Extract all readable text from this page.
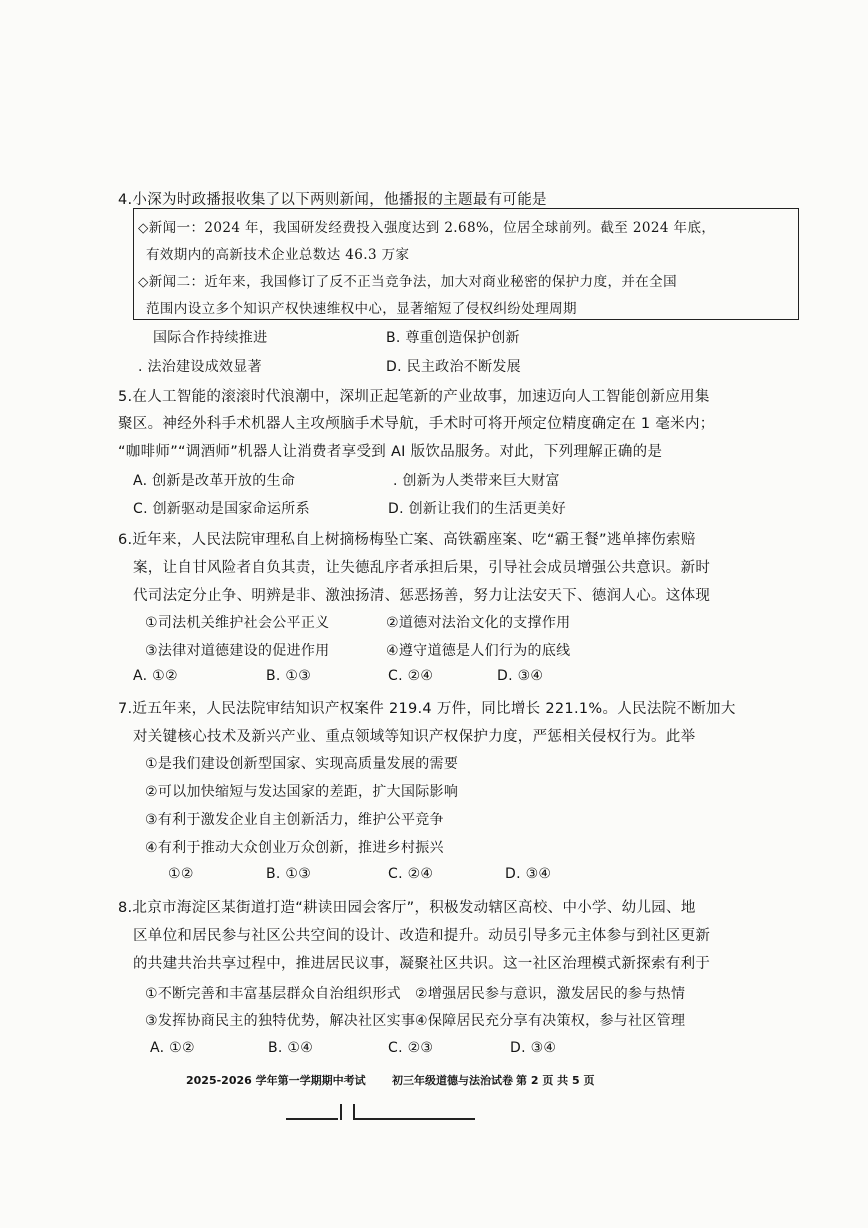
4.小深为时政播报收集了以下两则新闻，他播报的主题最有可能是
◇新闻一：2024 年，我国研发经费投入强度达到 2.68%，位居全球前列。截至 2024 年底，
有效期内的高新技术企业总数达 46.3 万家
◇新闻二：近年来，我国修订了反不正当竞争法，加大对商业秘密的保护力度，并在全国
范围内设立多个知识产权快速维权中心，显著缩短了侵权纠纷处理周期
国际合作持续推进	B. 尊重创造保护创新
. 法治建设成效显著	D. 民主政治不断发展
5.在人工智能的滚滚时代浪潮中，深圳正起笔新的产业故事，加速迈向人工智能创新应用集
聚区。神经外科手术机器人主攻颅脑手术导航，手术时可将开颅定位精度确定在 1 毫米内；
“咖啡师”“调酒师”机器人让消费者享受到 AI 版饮品服务。对此，下列理解正确的是
A. 创新是改革开放的生命	. 创新为人类带来巨大财富
C. 创新驱动是国家命运所系	D. 创新让我们的生活更美好
6.近年来，人民法院审理私自上树摘杨梅坠亡案、高铁霸座案、吃“霸王餐”逃单摔伤索赔
案，让自甘风险者自负其责，让失德乱序者承担后果，引导社会成员增强公共意识。新时
代司法定分止争、明辨是非、激浊扬清、惩恶扬善，努力让法安天下、德润人心。这体现
①司法机关维护社会公平正义	②道德对法治文化的支撑作用
③法律对道德建设的促进作用	④遵守道德是人们行为的底线
A. ①②	B. ①③	C. ②④	D. ③④
7.近五年来，人民法院审结知识产权案件 219.4 万件，同比增长 221.1%。人民法院不断加大
对关键核心技术及新兴产业、重点领域等知识产权保护力度，严惩相关侵权行为。此举
①是我们建设创新型国家、实现高质量发展的需要
②可以加快缩短与发达国家的差距，扩大国际影响
③有利于激发企业自主创新活力，维护公平竞争
④有利于推动大众创业万众创新，推进乡村振兴
①②	B. ①③	C. ②④	D. ③④
8.北京市海淀区某街道打造“耕读田园会客厅”，积极发动辖区高校、中小学、幼儿园、地
区单位和居民参与社区公共空间的设计、改造和提升。动员引导多元主体参与到社区更新
的共建共治共享过程中，推进居民议事，凝聚社区共识。这一社区治理模式新探索有利于
①不断完善和丰富基层群众自治组织形式 ②增强居民参与意识，激发居民的参与热情
③发挥协商民主的独特优势，解决社区实事 ④保障居民充分享有决策权，参与社区管理
A. ①②	B. ①④	C. ②③	D. ③④
2025-2026 学年第一学期期中考试 初三年级道德与法治试卷 第 2 页 共 5 页
